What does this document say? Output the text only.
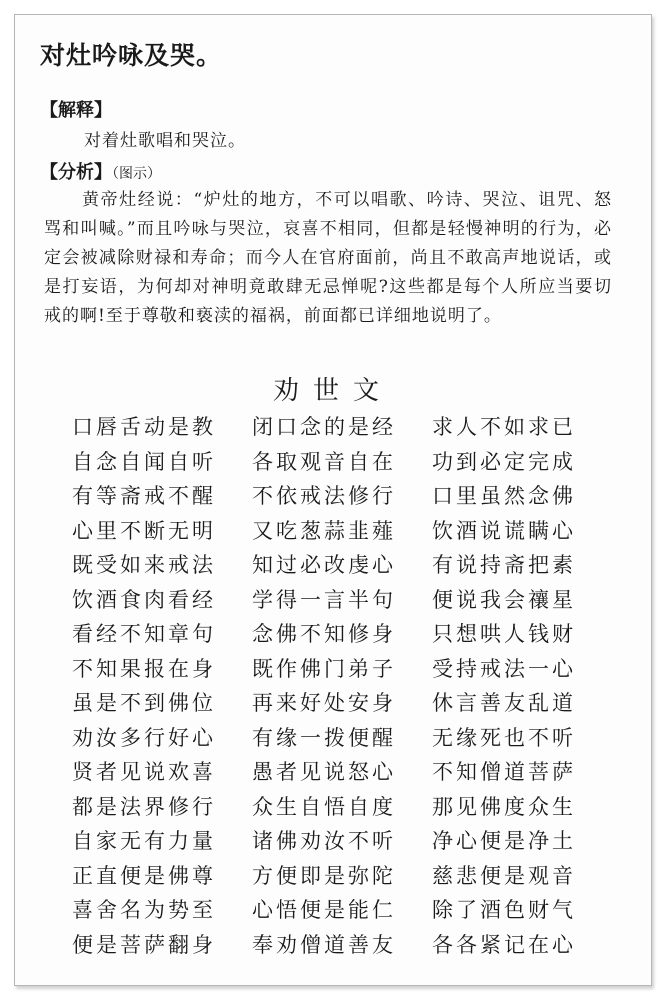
对灶吟咏及哭。
【解释】
对着灶歌唱和哭泣。
【分析】（图示）
黄帝灶经说：“炉灶的地方，不可以唱歌、吟诗、哭泣、诅咒、怒骂和叫喊。”而且吟咏与哭泣，哀喜不相同，但都是轻慢神明的行为，必定会被减除财禄和寿命；而今人在官府面前，尚且不敢高声地说话，或是打妄语，为何却对神明竟敢肆无忌惮呢?这些都是每个人所应当要切戒的啊!至于尊敬和亵渎的福祸，前面都已详细地说明了。
劝世文
口唇舌动是教	闭口念的是经	求人不如求已
自念自闻自听	各取观音自在	功到必定完成
有等斋戒不醒	不依戒法修行	口里虽然念佛
心里不断无明	又吃葱蒜韭薤	饮酒说谎瞒心
既受如来戒法	知过必改虔心	有说持斋把素
饮酒食肉看经	学得一言半句	便说我会禳星
看经不知章句	念佛不知修身	只想哄人钱财
不知果报在身	既作佛门弟子	受持戒法一心
虽是不到佛位	再来好处安身	休言善友乱道
劝汝多行好心	有缘一拨便醒	无缘死也不听
贤者见说欢喜	愚者见说怒心	不知僧道菩萨
都是法界修行	众生自悟自度	那见佛度众生
自家无有力量	诸佛劝汝不听	净心便是净土
正直便是佛尊	方便即是弥陀	慈悲便是观音
喜舍名为势至	心悟便是能仁	除了酒色财气
便是菩萨翻身	奉劝僧道善友	各各紧记在心
